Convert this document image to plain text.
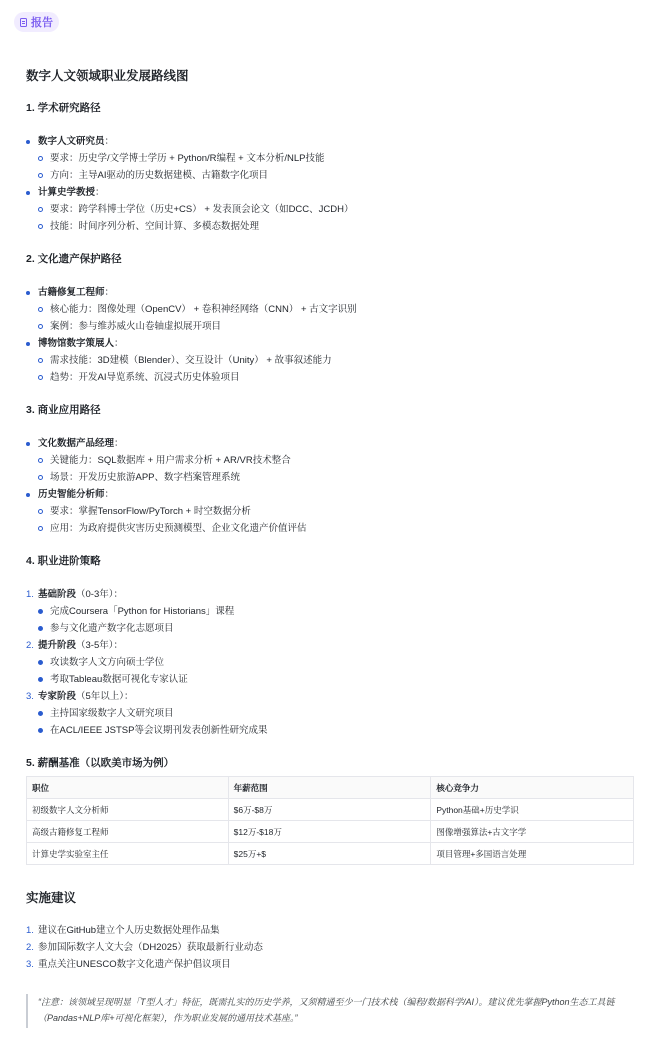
报告
数字人文领域职业发展路线图
1. 学术研究路径
数字人文研究员：
要求：历史学/文学博士学历 + Python/R编程 + 文本分析/NLP技能
方向：主导AI驱动的历史数据建模、古籍数字化项目
计算史学教授：
要求：跨学科博士学位（历史+CS） + 发表顶会论文（如DCC、JCDH）
技能：时间序列分析、空间计算、多模态数据处理
2. 文化遗产保护路径
古籍修复工程师：
核心能力：图像处理（OpenCV） + 卷积神经网络（CNN） + 古文字识别
案例：参与维苏威火山卷轴虚拟展开项目
博物馆数字策展人：
需求技能：3D建模（Blender）、交互设计（Unity） + 故事叙述能力
趋势：开发AI导览系统、沉浸式历史体验项目
3. 商业应用路径
文化数据产品经理：
关键能力：SQL数据库 + 用户需求分析 + AR/VR技术整合
场景：开发历史旅游APP、数字档案管理系统
历史智能分析师：
要求：掌握TensorFlow/PyTorch + 时空数据分析
应用：为政府提供灾害历史预测模型、企业文化遗产价值评估
4. 职业进阶策略
1. 基础阶段（0-3年）：
完成Coursera「Python for Historians」课程
参与文化遗产数字化志愿项目
2. 提升阶段（3-5年）：
攻读数字人文方向硕士学位
考取Tableau数据可视化专家认证
3. 专家阶段（5年以上）：
主持国家级数字人文研究项目
在ACL/IEEE JSTSP等会议期刊发表创新性研究成果
5. 薪酬基准（以欧美市场为例）
职位	年薪范围	核心竞争力
初级数字人文分析师	$6万-$8万	Python基础+历史学识
高级古籍修复工程师	$12万-$18万	图像增强算法+古文字学
计算史学实验室主任	$25万+$	项目管理+多国语言处理
实施建议
1. 建议在GitHub建立个人历史数据处理作品集
2. 参加国际数字人文大会（DH2025）获取最新行业动态
3. 重点关注UNESCO数字文化遗产保护倡议项目
“注意：该领域呈现明显「T型人才」特征，既需扎实的历史学养，又须精通至少一门技术栈（编程/数据科学/AI）。建议优先掌握Python生态工具链（Pandas+NLP库+可视化框架），作为职业发展的通用技术基座。”
